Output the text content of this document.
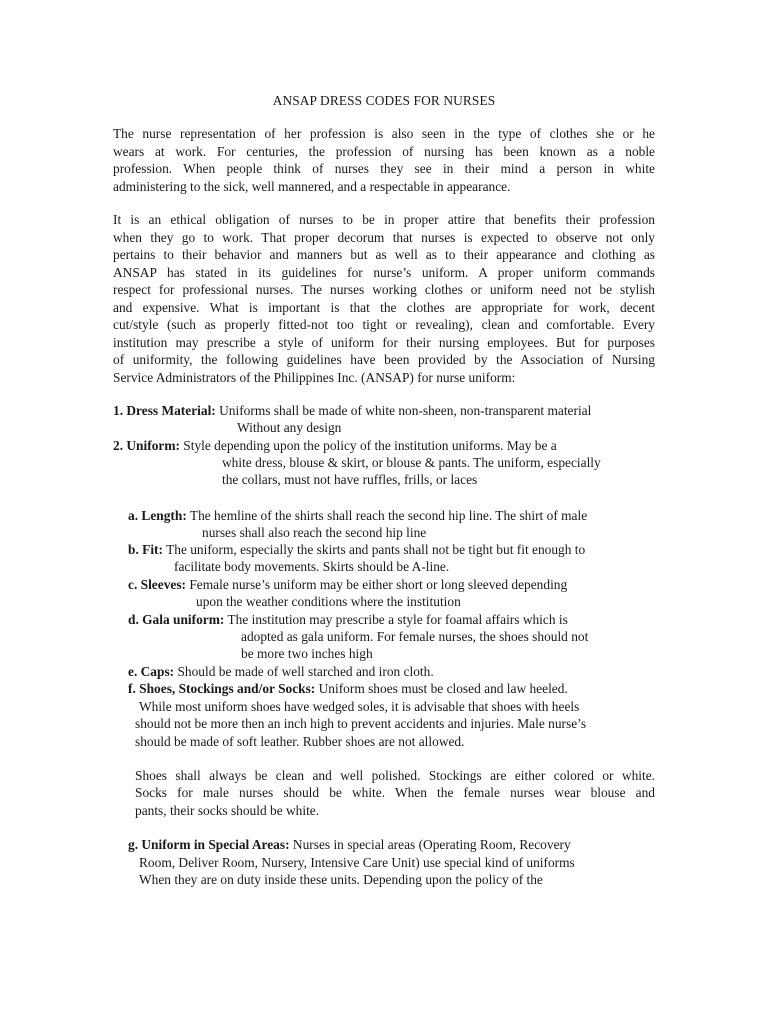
ANSAP DRESS CODES FOR NURSES
The nurse representation of her profession is also seen in the type of clothes she or he
wears at work. For centuries, the profession of nursing has been known as a noble
profession. When people think of nurses they see in their mind a person in white
administering to the sick, well mannered, and a respectable in appearance.
It is an ethical obligation of nurses to be in proper attire that benefits their profession
when they go to work. That proper decorum that nurses is expected to observe not only
pertains to their behavior and manners but as well as to their appearance and clothing as
ANSAP has stated in its guidelines for nurse’s uniform. A proper uniform commands
respect for professional nurses. The nurses working clothes or uniform need not be stylish
and expensive. What is important is that the clothes are appropriate for work, decent
cut/style (such as properly fitted-not too tight or revealing), clean and comfortable. Every
institution may prescribe a style of uniform for their nursing employees. But for purposes
of uniformity, the following guidelines have been provided by the Association of Nursing
Service Administrators of the Philippines Inc. (ANSAP) for nurse uniform:

1. Dress Material: Uniforms shall be made of white non-sheen, non-transparent material

Without any design

2. Uniform: Style depending upon the policy of the institution uniforms. May be a

white dress, blouse & skirt, or blouse & pants. The uniform, especially

the collars, must not have ruffles, frills, or laces

a. Length: The hemline of the shirts shall reach the second hip line. The shirt of male

nurses shall also reach the second hip line

b. Fit: The uniform, especially the skirts and pants shall not be tight but fit enough to

facilitate body movements. Skirts should be A-line.

c. Sleeves: Female nurse’s uniform may be either short or long sleeved depending

upon the weather conditions where the institution

d. Gala uniform: The institution may prescribe a style for foamal affairs which is

adopted as gala uniform. For female nurses, the shoes should not

be more two inches high

e. Caps: Should be made of well starched and iron cloth.

f. Shoes, Stockings and/or Socks: Uniform shoes must be closed and law heeled.

While most uniform shoes have wedged soles, it is advisable that shoes with heels

should not be more then an inch high to prevent accidents and injuries. Male nurse’s

should be made of soft leather. Rubber shoes are not allowed.

Shoes shall always be clean and well polished. Stockings are either colored or white.

Socks for male nurses should be white. When the female nurses wear blouse and

pants, their socks should be white.

g. Uniform in Special Areas: Nurses in special areas (Operating Room, Recovery

Room, Deliver Room, Nursery, Intensive Care Unit) use special kind of uniforms

When they are on duty inside these units. Depending upon the policy of the
